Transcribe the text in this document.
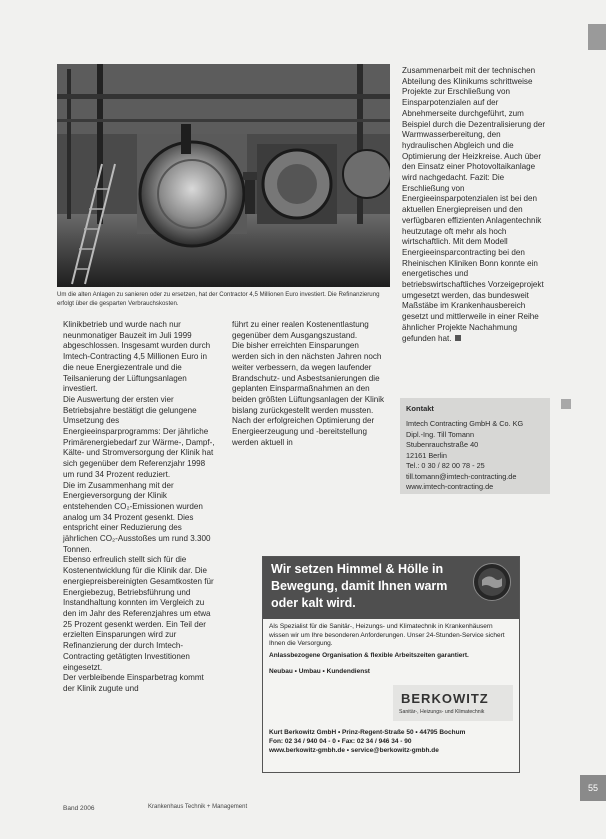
Um die alten Anlagen zu sanieren oder zu ersetzen, hat der Contractor 4,5 Millionen Euro investiert. Die Refinanzierung erfolgt über die gesparten Verbrauchskosten.

Klinikbetrieb und wurde nach nur neunmonatiger Bauzeit im Juli 1999 abgeschlossen. Insgesamt wurden durch Imtech-Contracting 4,5 Millionen Euro in die neue Energiezentrale und die Teilsanierung der Lüftungsanlagen investiert.

Die Auswertung der ersten vier Betriebsjahre bestätigt die gelungene Umsetzung des Energieeinsparprogramms: Der jährliche Primärenergiebedarf zur Wärme-, Dampf-, Kälte- und Stromversorgung der Klinik hat sich gegenüber dem Referenzjahr 1998 um rund 34 Prozent reduziert.

Die im Zusammenhang mit der Energieversorgung der Klinik entstehenden CO₂-Emissionen wurden analog um 34 Prozent gesenkt. Dies entspricht einer Reduzierung des jährlichen CO₂-Ausstoßes um rund 3.300 Tonnen.

Ebenso erfreulich stellt sich für die Kostenentwicklung für die Klinik dar. Die energiepreisbereinigten Gesamtkosten für Energiebezug, Betriebsführung und Instandhaltung konnten im Vergleich zu den im Jahr des Referenzjahres um etwa 25 Prozent gesenkt werden. Ein Teil der erzielten Einsparungen wird zur Refinanzierung der durch Imtech-Contracting getätigten Investitionen eingesetzt.

Der verbleibende Einsparbetrag kommt der Klinik zugute und

führt zu einer realen Kostenentlastung gegenüber dem Ausgangszustand.

Die bisher erreichten Einsparungen werden sich in den nächsten Jahren noch weiter verbessern, da wegen laufender Brandschutz- und Asbestsanierungen die geplanten Einsparmaßnahmen an den beiden größten Lüftungsanlagen der Klinik bislang zurückgestellt werden mussten.

Nach der erfolgreichen Optimierung der Energieerzeugung und -bereitstellung werden aktuell in

Zusammenarbeit mit der technischen Abteilung des Klinikums schrittweise Projekte zur Erschließung von Einsparpotenzialen auf der Abnehmerseite durchgeführt, zum Beispiel durch die Dezentralisierung der Warmwasserbereitung, den hydraulischen Abgleich und die Optimierung der Heizkreise. Auch über den Einsatz einer Photovoltaikanlage wird nachgedacht. Fazit: Die Erschließung von Energieeinsparpotenzialen ist bei den aktuellen Energiepreisen und den verfügbaren effizienten Anlagentechnik heutzutage oft mehr als hoch wirtschaftlich. Mit dem Modell Energieeinsparcontracting bei den Rheinischen Kliniken Bonn konnte ein energetisches und betriebswirtschaftliches Vorzeigeprojekt umgesetzt werden, das bundesweit Maßstäbe im Krankenhausbereich gesetzt und mittlerweile in einer Reihe ähnlicher Projekte Nachahmung gefunden hat.

Kontakt
Imtech Contracting GmbH & Co. KG
Dipl.-Ing. Till Tomann
Stubenrauchstraße 40
12161 Berlin
Tel.: 0 30 / 82 00 78 - 25
till.tomann@imtech-contracting.de
www.imtech-contracting.de
Wir setzen Himmel & Hölle in Bewegung, damit Ihnen warm oder kalt wird.
Als Spezialist für die Sanitär-, Heizungs- und Klimatechnik in Krankenhäusern wissen wir um Ihre besonderen Anforderungen. Unser 24-Stunden-Service sichert Ihnen die Versorgung.
Anlassbezogene Organisation & flexible Arbeitszeiten garantiert.
Neubau • Umbau • Kundendienst
BERKOWITZ
Sanitär-, Heizungs- und Klimatechnik
Kurt Berkowitz GmbH • Prinz-Regent-Straße 50 • 44795 Bochum
Fon: 02 34 / 940 04 - 0 • Fax: 02 34 / 946 34 - 90
www.berkowitz-gmbh.de • service@berkowitz-gmbh.de
Band 2006	Krankenhaus Technik + Management
55
